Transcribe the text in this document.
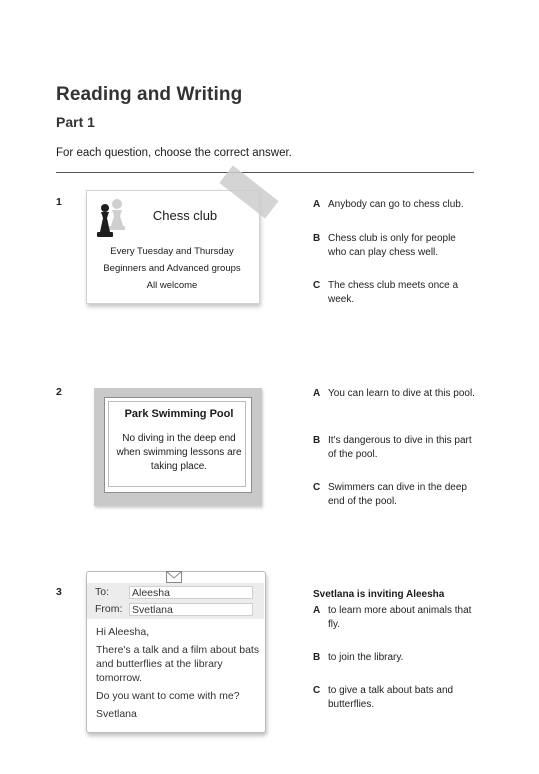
Reading and Writing
Part 1
For each question, choose the correct answer.
1
Chess club
Every Tuesday and Thursday
Beginners and Advanced groups
All welcome
A Anybody can go to chess club.
B Chess club is only for people who can play chess well.
C The chess club meets once a week.
2
Park Swimming Pool
No diving in the deep end
when swimming lessons are
taking place.
A You can learn to dive at this pool.
B It's dangerous to dive in this part of the pool.
C Swimmers can dive in the deep end of the pool.
3	To: Aleesha
From: Svetlana

Hi Aleesha,

There's a talk and a film about bats and butterflies at the library tomorrow.

Do you want to come with me?

Svetlana

Svetlana is inviting Aleesha
A to learn more about animals that fly.
B to join the library.
C to give a talk about bats and butterflies.
